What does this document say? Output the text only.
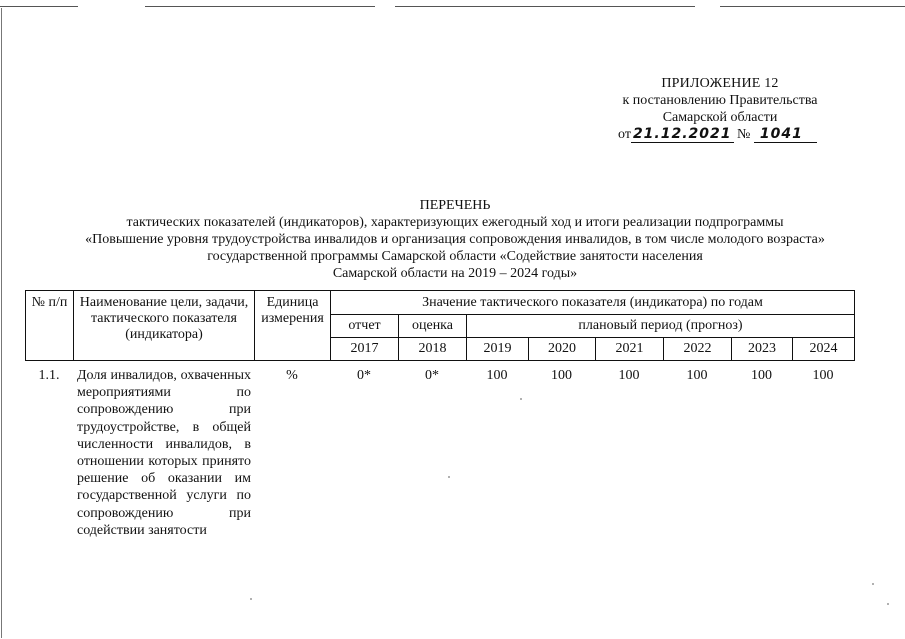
ПРИЛОЖЕНИЕ 12
к постановлению Правительства
Самарской области
от 21.12.2021 № 1041
ПЕРЕЧЕНЬ
тактических показателей (индикаторов), характеризующих ежегодный ход и итоги реализации подпрограммы
«Повышение уровня трудоустройства инвалидов и организация сопровождения инвалидов, в том числе молодого возраста»
государственной программы Самарской области «Содействие занятости населения
Самарской области на 2019 – 2024 годы»
№ п/п	Наименование цели, задачи, тактического показателя (индикатора)	Единица измерения	Значение тактического показателя (индикатора) по годам							
			отчет	оценка	плановый период (прогноз)					
			2017	2018	2019	2020	2021	2022	2023	2024
1.1.	Доля инвалидов, охваченных мероприятиями по сопровождению при трудоустройстве, в общей численности инвалидов, в отношении которых принято решение об оказании им государственной услуги по сопровождению при содействии занятости	%	0*	0*	100	100	100	100	100	100
